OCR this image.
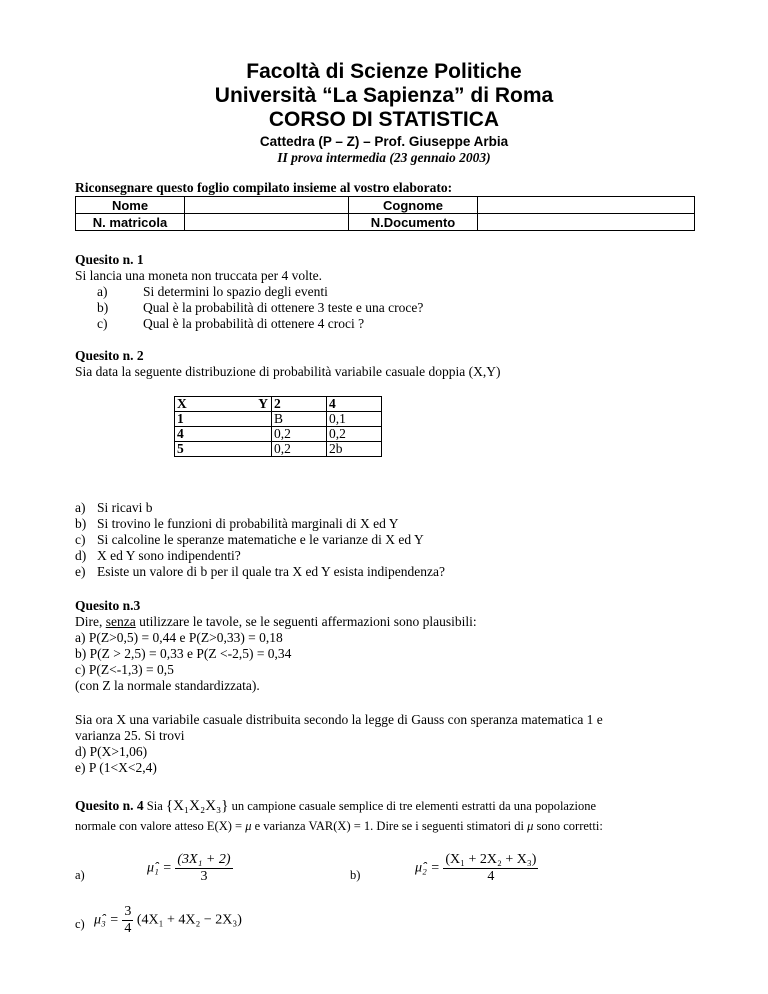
Facoltà di Scienze Politiche
Università “La Sapienza” di Roma
CORSO DI STATISTICA
Cattedra (P – Z) – Prof. Giuseppe Arbia
II prova intermedia (23 gennaio 2003)
Riconsegnare questo foglio compilato insieme al vostro elaborato:
Nome		Cognome	
N. matricola		N.Documento	
Quesito n. 1
Si lancia una moneta non truccata per 4 volte.
a)	Si determini lo spazio degli eventi
b)	Qual è la probabilità di ottenere 3 teste e una croce?
c)	Qual è la probabilità di ottenere 4 croci ?
Quesito n. 2
Sia data la seguente distribuzione di probabilità variabile casuale doppia (X,Y)
X Y	2	4
1	B	0,1
4	0,2	0,2
5	0,2	2b
a) Si ricavi b
b) Si trovino le funzioni di probabilità marginali di X ed Y
c) Si calcoline le speranze matematiche e le varianze di X ed Y
d) X ed Y sono indipendenti?
e) Esiste un valore di b per il quale tra X ed Y esista indipendenza?
Quesito n.3
Dire, senza utilizzare le tavole, se le seguenti affermazioni sono plausibili:
a) P(Z>0,5) = 0,44 e P(Z>0,33) = 0,18
b) P(Z > 2,5) = 0,33 e P(Z <-2,5) = 0,34
c) P(Z<-1,3) = 0,5
(con Z la normale standardizzata).
Sia ora X una variabile casuale distribuita secondo la legge di Gauss con speranza matematica 1 e
varianza 25. Si trovi
d) P(X>1,06)
e) P (1<X<2,4)
Quesito n. 4 Sia {X₁X₂X₃} un campione casuale semplice di tre elementi estratti da una popolazione
normale con valore atteso E(X) = μ e varianza VAR(X) = 1. Dire se i seguenti stimatori di μ sono corretti:
a)	μ̂₁ = $\frac{\text{(3X₁ + 2)}}{3}$	b)	μ̂₂ = $\frac{\text{(X₁ + 2X₂ + X₃)}}{4}$
c) μ̂₃ = $\frac{3}{4} (4X_1 + 4X_2 - 2X_3)$
